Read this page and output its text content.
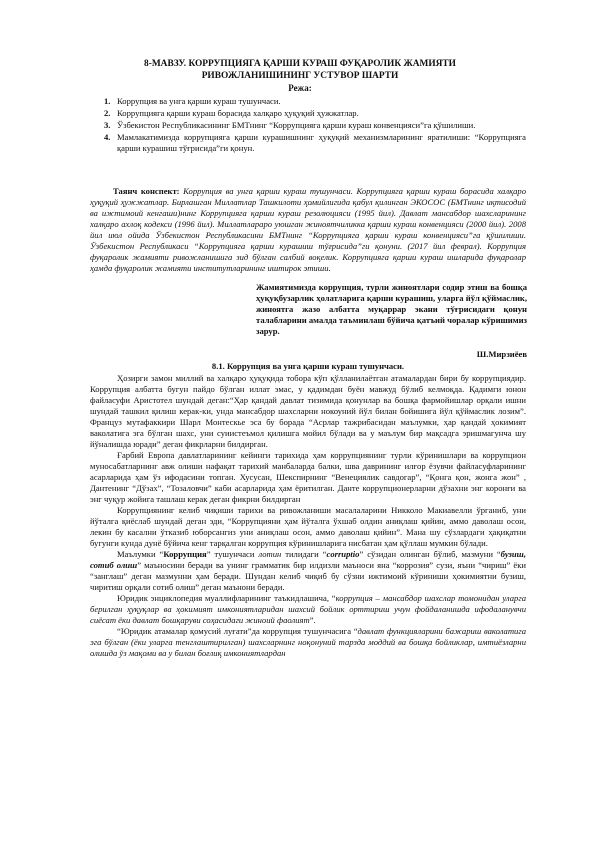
8-МАВЗУ. КОРРУПЦИЯГА ҚАРШИ КУРАШ ФУҚАРОЛИК ЖАМИЯТИ
РИВОЖЛАНИШИНИНГ УСТУВОР ШАРТИ
Режа:
1. Коррупция ва унга қарши кураш тушунчаси.
2. Коррупцияга қарши кураш борасида халқаро ҳуқуқий ҳужжатлар.
3. Ўзбекистон Республикасининг БМТнинг “Коррупцияга қарши кураш конвенцияси”га қўшилиши.
4. Мамлакатимизда коррупцияга қарши курашишнинг ҳуқуқий механизмларининг яратилиши: “Коррупцияга қарши курашиш тўғрисида”ги қонун.
Таянч конспект: Коррупция ва унга қарши кураш тушунчаси. Коррупцияга қарши кураш борасида халқаро ҳуқуқий ҳужжатлар. Бирлашган Миллатлар Ташкилоти ҳомийлигида қабул қилинган ЭКОСОС (БМТнинг иқтисодий ва ижтимоий кенгаши)нинг Коррупцияга қарши кураш резолюцияси (1995 йил). Давлат мансабдор шахсларининг халқаро ахлоқ кодекси (1996 йил). Миллатлараро уюшган жиноятчиликка қарши кураш конвенцияси (2000 йил). 2008 йил июл ойида Ўзбекистон Республикасини БМТнинг “Коррупцияга қарши кураш конвенцияси”га қўшилиши. Ўзбекистон Республикаси “Коррупцияга қарши курашиш тўғрисида”ги қонуни. (2017 йил феврал). Коррупция фуқаролик жамияти ривожланишига зид бўлган салбий воқелик. Коррупцияга қарши кураш ишларида фуқаролар ҳамда фуқаролик жамияти институтларининг иштирок этиши.
Жамиятимизда коррупция, турли жиноятлари содир этиш ва бошқа ҳуқуқбузарлик ҳолатларига қарши курашиш, уларга йўл қўймаслик, жиноятга жазо албатта муқаррар экани тўғрисидаги қонун талабларини амалда таъминлаш бўйича қатъий чоралар кўришимиз зарур.
Ш.Мирзиёев
8.1. Коррупция ва унга қарши кураш тушунчаси.

Ҳозирги замон миллий ва халқаро ҳуқуқида тобора кўп қўлланилаётган атамалардан бири бу коррупциядир. Коррупция албатта бугун пайдо бўлган иллат эмас, у қадимдан буён мавжуд бўлиб келмоқда. Қадимги юнон файласуфи Аристотел шундай деган:“Ҳар қандай давлат тизимида қонунлар ва бошқа фармойишлар орқали ишни шундай ташкил қилиш керак-ки, унда мансабдор шахсларни нокоуний йўл билан бойишига йўл қўймаслик лозим”. Француз мутафаккири Шарл Монтескье эса бу борада “Асрлар тажрибасидан маълумки, ҳар қандай ҳокимият ваколатига эга бўлган шахс, уни суиистеъмол қилишга мойил бўлади ва у маълум бир мақсадга эришмагунча шу йўналишда юради” деган фикрларни билдирган.

Ғарбий Европа давлатларининг кейинги тарихида ҳам коррупциянинг турли кўринишлари ва коррупцион муносабатларнинг авж олиши нафақат тарихий манбаларда балки, шва даврининг илғор ёзувчи файласуфларининг асарларида ҳам ўз ифодасини топган. Хусусан, Шекспирнинг “Венециялик савдогар”, “Қонга қон, жонга жон” , Дантенинг “Дўзах”, “Тозаловчи” каби асарларида ҳам ёритилган. Данте коррупционерларни дўзахни энг коронғи ва энг чуқур жойига ташлаш керак деган фикрни билдирган

Коррупциянинг келиб чиқиши тарихи ва ривожланиши масалаларини Никколо Макиавелли ўрганиб, уни йўталга қиёслаб шундай деган эди, “Коррупцияни ҳам йўталга ўхшаб олдин аниқлаш қийин, аммо даволаш осон, лекин бу касални ўтказиб юборсангиз уни аниқлаш осон, аммо даволаш қийин”. Мана шу сўзлардаги ҳақиқатни бугунги кунда дунё бўйича кенг тарқалган коррупция кўринишларига нисбатан ҳам қўллаш мумкин бўлади.

Маълумки “Коррупция” тушунчаси лотин тилидаги “corruptio” сўзидан олинган бўлиб, мазмуни “бузиш, сотиб олиш” маъносини беради ва унинг грамматик бир илдизли маъноси яна “коррозия” сузи, яъни “чириш” ёки “занглаш” деган мазмунни ҳам беради. Шундан келиб чиқиб бу сўзни ижтимоий кўриниши ҳокимиятни бузиш, чиритиш орқали сотиб олиш” деган маънони беради.

Юридик энциклопедия муаллифларининг таъкидлашича, “коррупция – мансабдор шахслар томонидан уларга берилган ҳуқуқлар ва ҳокимият имкониятларидан шахсий бойлик орттириш учун фойдаланишда ифодаланувчи сиёсат ёки давлат бошқаруви соҳасидаги жиноий фаолият”.

“Юридик атамалар қомусий луғати”да коррупция тушунчасига “давлат функцияларини бажариш ваколатига эга бўлган (ёки уларга тенглаштирилган) шахсларнинг ноқонуний тарзда моддий ва бошқа бойликлар, имтиёзларни олишда ўз мақоми ва у билан боғлиқ имкониятлардан
